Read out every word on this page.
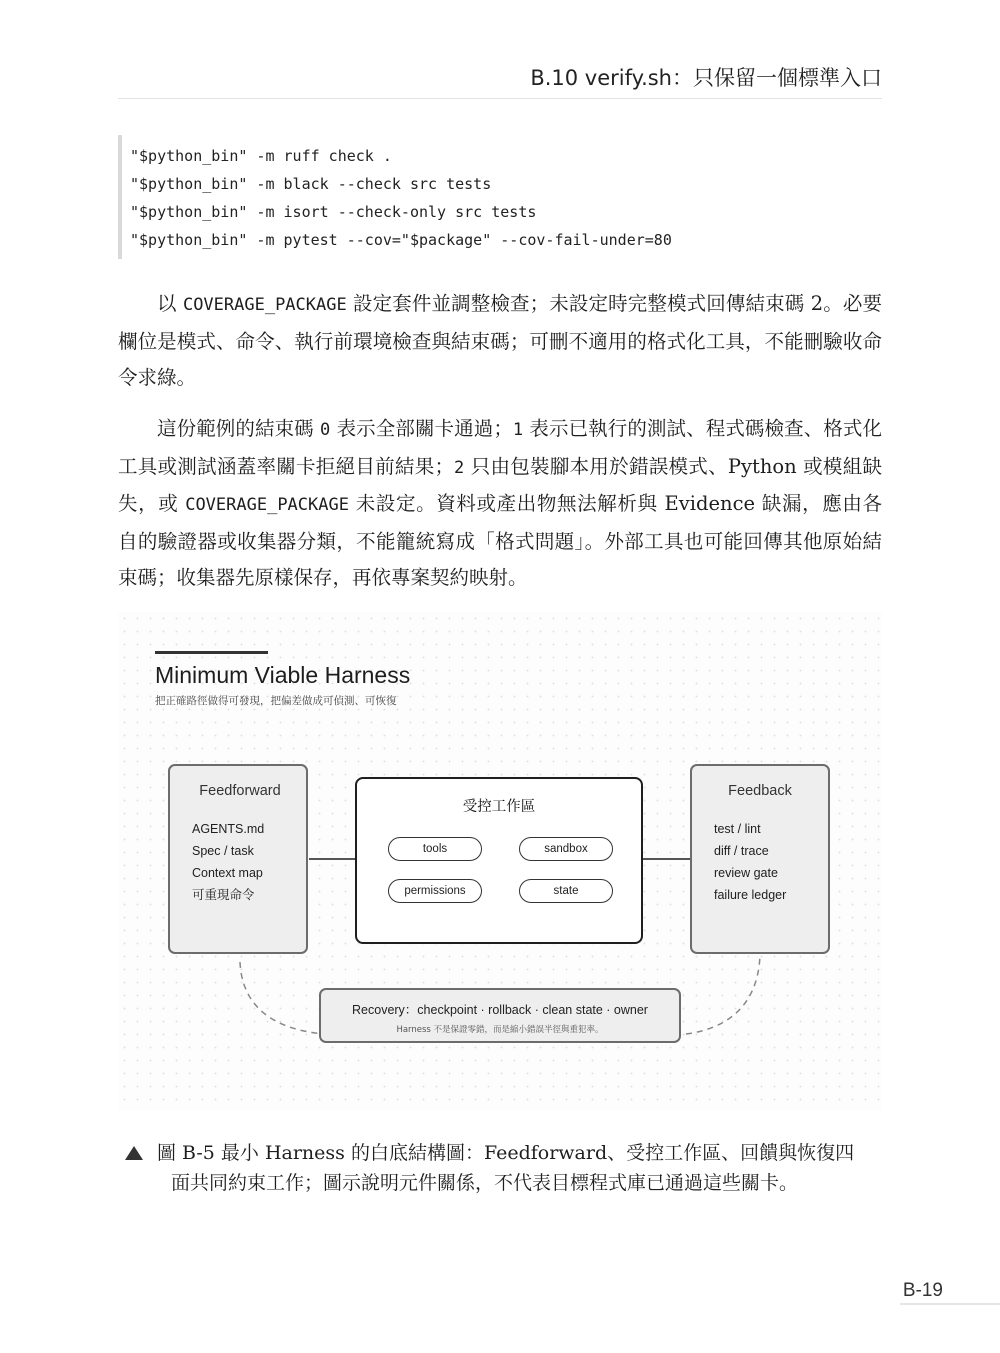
B.10 verify.sh：只保留一個標準入口
"$python_bin" -m ruff check .
"$python_bin" -m black --check src tests
"$python_bin" -m isort --check-only src tests
"$python_bin" -m pytest --cov="$package" --cov-fail-under=80

以 COVERAGE_PACKAGE 設定套件並調整檢查；未設定時完整模式回傳結束碼 2。必要欄位是模式、命令、執行前環境檢查與結束碼；可刪不適用的格式化工具，不能刪驗收命令求綠。

這份範例的結束碼 0 表示全部關卡通過；1 表示已執行的測試、程式碼檢查、格式化工具或測試涵蓋率關卡拒絕目前結果；2 只由包裝腳本用於錯誤模式、Python 或模組缺失，或 COVERAGE_PACKAGE 未設定。資料或產出物無法解析與 Evidence 缺漏，應由各自的驗證器或收集器分類，不能籠統寫成「格式問題」。外部工具也可能回傳其他原始結束碼；收集器先原樣保存，再依專案契約映射。

Minimum Viable Harness
把正確路徑做得可發現，把偏差做成可偵測、可恢復
Feedforward
AGENTS.md
Spec / task
Context map
可重現命令
受控工作區
tools	sandbox
permissions	state
Feedback
test / lint
diff / trace
review gate
failure ledger
Recovery：checkpoint · rollback · clean state · owner
Harness 不是保證零錯，而是縮小錯誤半徑與重犯率。
圖 B-5 最小 Harness 的白底結構圖：Feedforward、受控工作區、回饋與恢復四
面共同約束工作；圖示說明元件關係，不代表目標程式庫已通過這些關卡。
B-19
